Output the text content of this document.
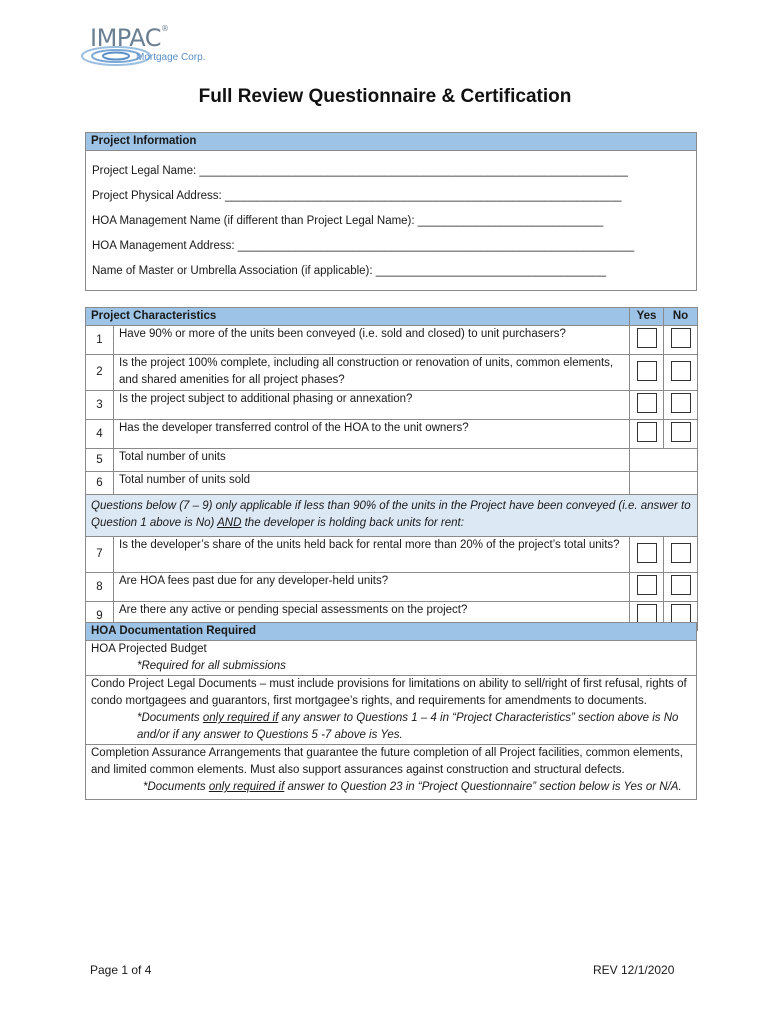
IMPAC®
Mortgage Corp.
Full Review Questionnaire & Certification
Project Information

Project Legal Name: ___________________________________________________________________
Project Physical Address: ______________________________________________________________
HOA Management Name (if different than Project Legal Name): _____________________________
HOA Management Address: ______________________________________________________________
Name of Master or Umbrella Association (if applicable): ____________________________________
Project Characteristics		Yes	No
1	Have 90% or more of the units been conveyed (i.e. sold and closed) to unit purchasers?		
2	Is the project 100% complete, including all construction or renovation of units, common elements, and shared amenities for all project phases?		
3	Is the project subject to additional phasing or annexation?		
4	Has the developer transferred control of the HOA to the unit owners?		
5	Total number of units		
6	Total number of units sold		
Questions below (7 – 9) only applicable if less than 90% of the units in the Project have been conveyed (i.e. answer to Question 1 above is No) AND the developer is holding back units for rent:			
7	Is the developer’s share of the units held back for rental more than 20% of the project’s total units?		
8	Are HOA fees past due for any developer-held units?		
9	Are there any active or pending special assessments on the project?		
HOA Documentation Required

HOA Projected Budget
*Required for all submissions

Condo Project Legal Documents – must include provisions for limitations on ability to sell/right of first refusal, rights of condo mortgagees and guarantors, first mortgagee’s rights, and requirements for amendments to documents.
*Documents only required if any answer to Questions 1 – 4 in “Project Characteristics” section above is No and/or if any answer to Questions 5 -7 above is Yes.

Completion Assurance Arrangements that guarantee the future completion of all Project facilities, common elements, and limited common elements. Must also support assurances against construction and structural defects.
*Documents only required if answer to Question 23 in “Project Questionnaire” section below is Yes or N/A.
Page 1 of 4	REV 12/1/2020
